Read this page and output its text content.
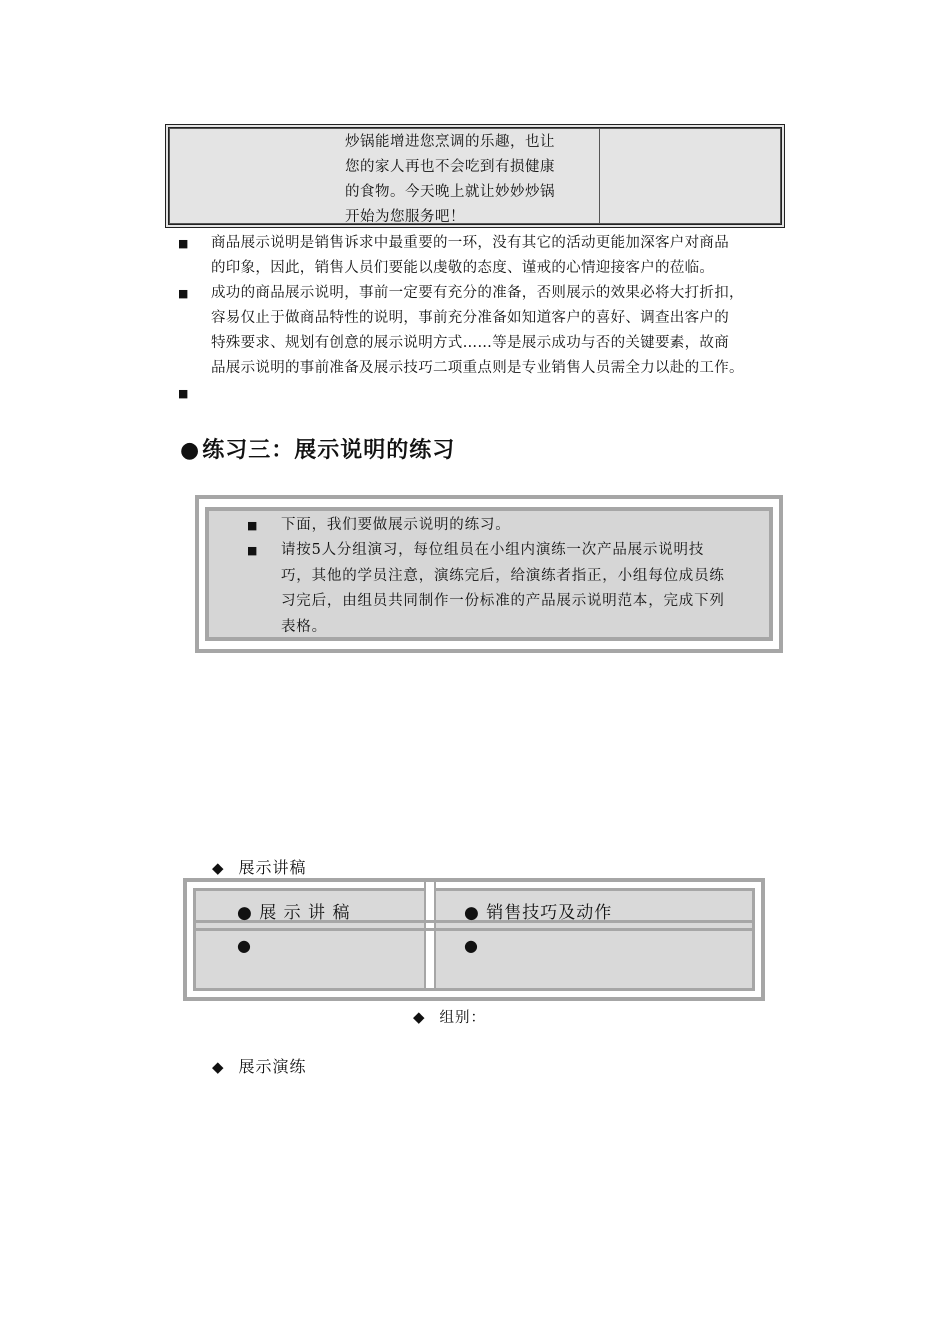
炒锅能增进您烹调的乐趣，也让
您的家人再也不会吃到有损健康
的食物。今天晚上就让妙妙炒锅
开始为您服务吧！
■ 商品展示说明是销售诉求中最重要的一环，没有其它的活动更能加深客户对商品
的印象，因此，销售人员们要能以虔敬的态度、谨戒的心情迎接客户的莅临。
■ 成功的商品展示说明，事前一定要有充分的准备，否则展示的效果必将大打折扣，
容易仅止于做商品特性的说明，事前充分准备如知道客户的喜好、调查出客户的
特殊要求、规划有创意的展示说明方式……等是展示成功与否的关键要素，故商
品展示说明的事前准备及展示技巧二项重点则是专业销售人员需全力以赴的工作。
■
●练习三：展示说明的练习
■ 下面，我们要做展示说明的练习。
■ 请按5人分组演习，每位组员在小组内演练一次产品展示说明技
巧，其他的学员注意，演练完后，给演练者指正，小组每位成员练
习完后，由组员共同制作一份标准的产品展示说明范本，完成下列
表格。
◆ 展示讲稿
● 展 示 讲 稿	● 销售技巧及动作
●	●
◆ 组别：
◆ 展示演练
